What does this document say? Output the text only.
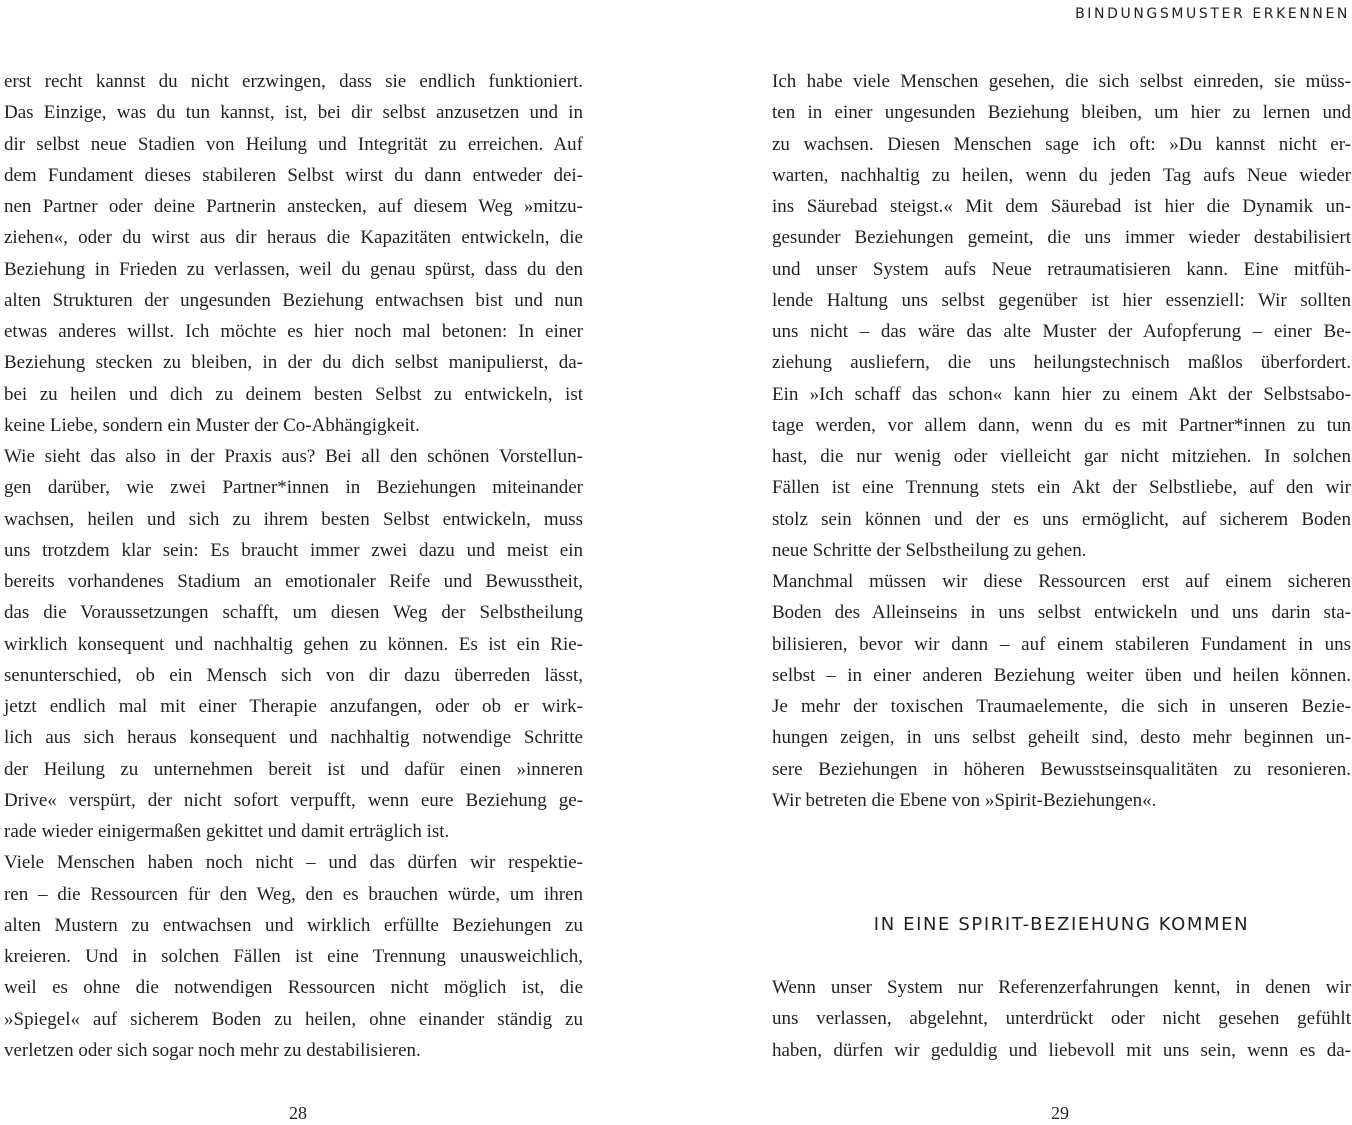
BINDUNGSMUSTER ERKENNEN
erst recht kannst du nicht erzwingen, dass sie endlich funktioniert.
Das Einzige, was du tun kannst, ist, bei dir selbst anzusetzen und in
dir selbst neue Stadien von Heilung und Integrität zu erreichen. Auf
dem Fundament dieses stabileren Selbst wirst du dann entweder dei-
nen Partner oder deine Partnerin anstecken, auf diesem Weg »mitzu-
ziehen«, oder du wirst aus dir heraus die Kapazitäten entwickeln, die
Beziehung in Frieden zu verlassen, weil du genau spürst, dass du den
alten Strukturen der ungesunden Beziehung entwachsen bist und nun
etwas anderes willst. Ich möchte es hier noch mal betonen: In einer
Beziehung stecken zu bleiben, in der du dich selbst manipulierst, da-
bei zu heilen und dich zu deinem besten Selbst zu entwickeln, ist
keine Liebe, sondern ein Muster der Co-Abhängigkeit.
Wie sieht das also in der Praxis aus? Bei all den schönen Vorstellun-
gen darüber, wie zwei Partner*innen in Beziehungen miteinander
wachsen, heilen und sich zu ihrem besten Selbst entwickeln, muss
uns trotzdem klar sein: Es braucht immer zwei dazu und meist ein
bereits vorhandenes Stadium an emotionaler Reife und Bewusstheit,
das die Voraussetzungen schafft, um diesen Weg der Selbstheilung
wirklich konsequent und nachhaltig gehen zu können. Es ist ein Rie-
senunterschied, ob ein Mensch sich von dir dazu überreden lässt,
jetzt endlich mal mit einer Therapie anzufangen, oder ob er wirk-
lich aus sich heraus konsequent und nachhaltig notwendige Schritte
der Heilung zu unternehmen bereit ist und dafür einen »inneren
Drive« verspürt, der nicht sofort verpufft, wenn eure Beziehung ge-
rade wieder einigermaßen gekittet und damit erträglich ist.
Viele Menschen haben noch nicht – und das dürfen wir respektie-
ren – die Ressourcen für den Weg, den es brauchen würde, um ihren
alten Mustern zu entwachsen und wirklich erfüllte Beziehungen zu
kreieren. Und in solchen Fällen ist eine Trennung unausweichlich,
weil es ohne die notwendigen Ressourcen nicht möglich ist, die
»Spiegel« auf sicherem Boden zu heilen, ohne einander ständig zu
verletzen oder sich sogar noch mehr zu destabilisieren.
Ich habe viele Menschen gesehen, die sich selbst einreden, sie müss-
ten in einer ungesunden Beziehung bleiben, um hier zu lernen und
zu wachsen. Diesen Menschen sage ich oft: »Du kannst nicht er-
warten, nachhaltig zu heilen, wenn du jeden Tag aufs Neue wieder
ins Säurebad steigst.« Mit dem Säurebad ist hier die Dynamik un-
gesunder Beziehungen gemeint, die uns immer wieder destabilisiert
und unser System aufs Neue retraumatisieren kann. Eine mitfüh-
lende Haltung uns selbst gegenüber ist hier essenziell: Wir sollten
uns nicht – das wäre das alte Muster der Aufopferung – einer Be-
ziehung ausliefern, die uns heilungstechnisch maßlos überfordert.
Ein »Ich schaff das schon« kann hier zu einem Akt der Selbstsabo-
tage werden, vor allem dann, wenn du es mit Partner*innen zu tun
hast, die nur wenig oder vielleicht gar nicht mitziehen. In solchen
Fällen ist eine Trennung stets ein Akt der Selbstliebe, auf den wir
stolz sein können und der es uns ermöglicht, auf sicherem Boden
neue Schritte der Selbstheilung zu gehen.
Manchmal müssen wir diese Ressourcen erst auf einem sicheren
Boden des Alleinseins in uns selbst entwickeln und uns darin sta-
bilisieren, bevor wir dann – auf einem stabileren Fundament in uns
selbst – in einer anderen Beziehung weiter üben und heilen können.
Je mehr der toxischen Traumaelemente, die sich in unseren Bezie-
hungen zeigen, in uns selbst geheilt sind, desto mehr beginnen un-
sere Beziehungen in höheren Bewusstseinsqualitäten zu resonieren.
Wir betreten die Ebene von »Spirit-Beziehungen«.
IN EINE SPIRIT-BEZIEHUNG KOMMEN
Wenn unser System nur Referenzerfahrungen kennt, in denen wir
uns verlassen, abgelehnt, unterdrückt oder nicht gesehen gefühlt
haben, dürfen wir geduldig und liebevoll mit uns sein, wenn es da-
28	29
